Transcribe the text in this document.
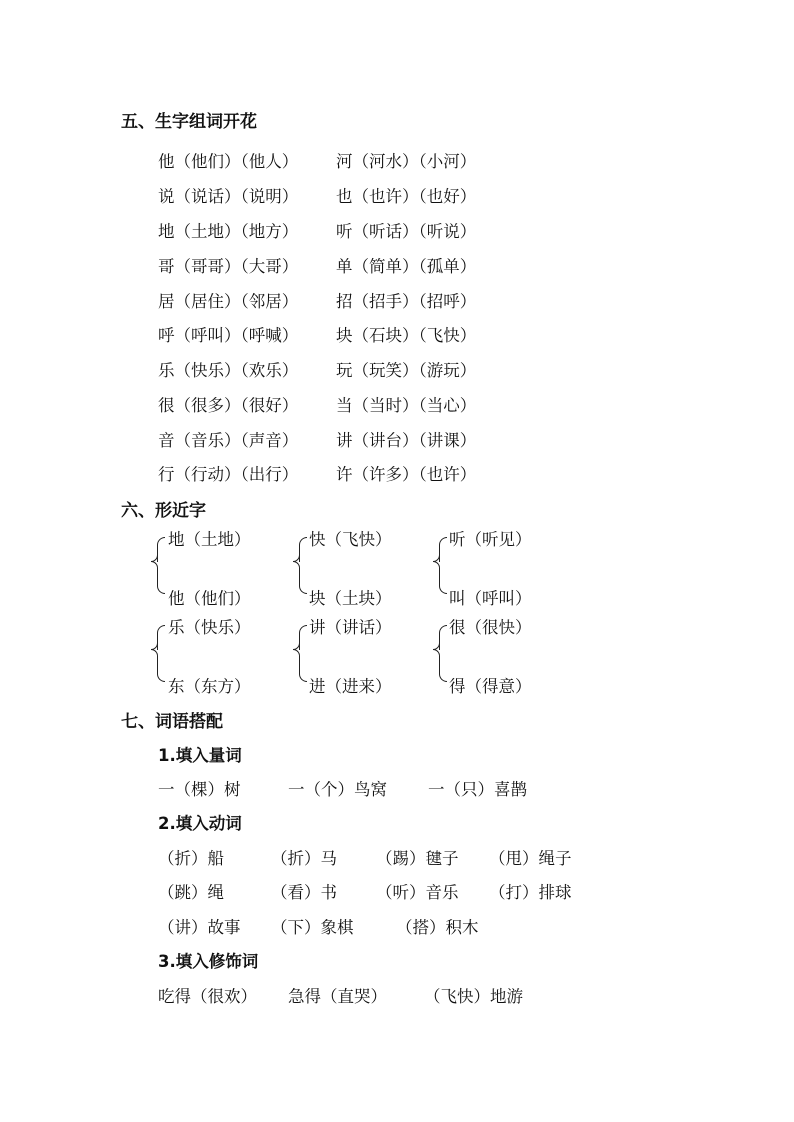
五、生字组词开花
他（他们）（他人） 河（河水）（小河）
说（说话）（说明） 也（也许）（也好）
地（土地）（地方） 听（听话）（听说）
哥（哥哥）（大哥） 单（简单）（孤单）
居（居住）（邻居） 招（招手）（招呼）
呼（呼叫）（呼喊） 块（石块）（飞快）
乐（快乐）（欢乐） 玩（玩笑）（游玩）
很（很多）（很好） 当（当时）（当心）
音（音乐）（声音） 讲（讲台）（讲课）
行（行动）（出行） 许（许多）（也许）
六、形近字
地（土地）
他（他们）
快（飞快）
块（土块）
听（听见）
叫（呼叫）
乐（快乐）
东（东方）
讲（讲话）
进（进来）
很（很快）
得（得意）
七、词语搭配
1.填入量词
一（棵）树	一（个）鸟窝 一（只）喜鹊
2.填入动词
（折）船	（折）马 （踢）毽子 （甩）绳子
（跳）绳	（看）书 （听）音乐 （打）排球
（讲）故事 （下）象棋	（搭）积木
3.填入修饰词
吃得（很欢） 急得（直哭） （飞快）地游
